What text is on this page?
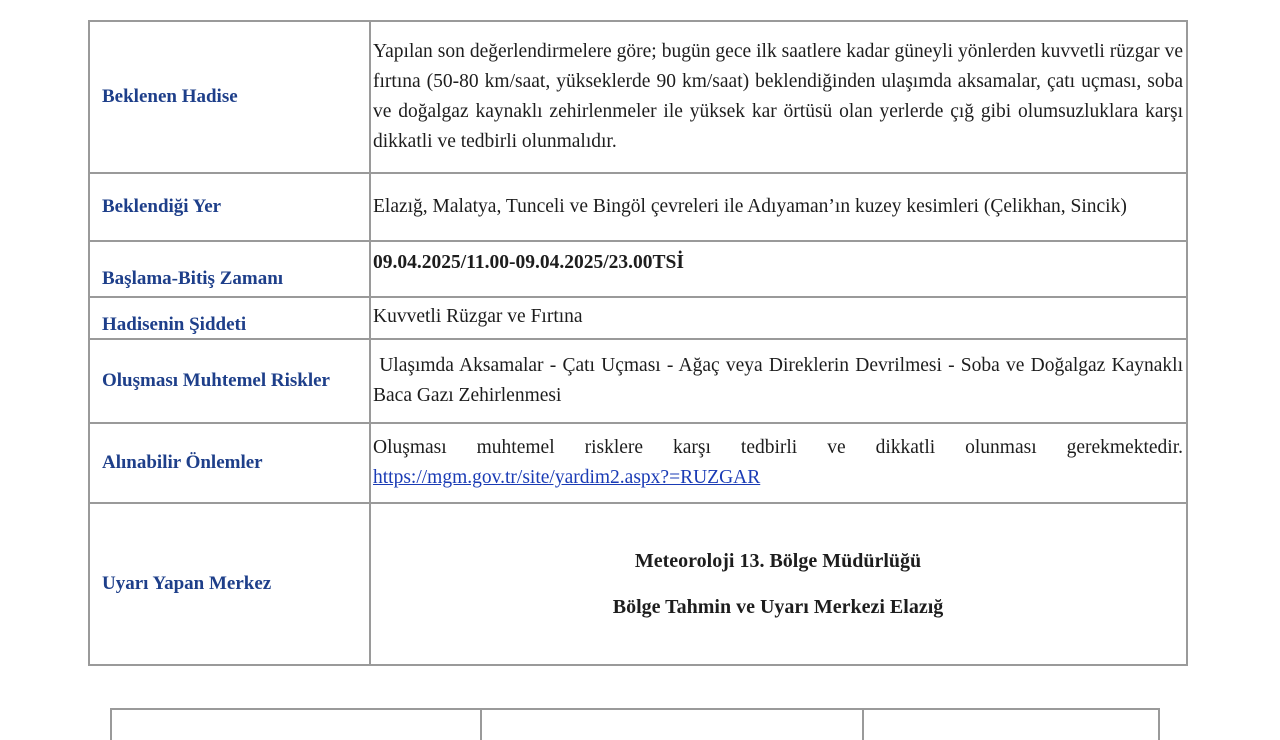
Beklenen Hadise	Yapılan son değerlendirmelere göre; bugün gece ilk saatlere kadar güneyli yönlerden kuvvetli rüzgar ve fırtına (50-80 km/saat, yükseklerde 90 km/saat) beklendiğinden ulaşımda aksamalar, çatı uçması, soba ve doğalgaz kaynaklı zehirlenmeler ile yüksek kar örtüsü olan yerlerde çığ gibi olumsuzluklara karşı dikkatli ve tedbirli olunmalıdır.
Beklendiği Yer	Elazığ, Malatya, Tunceli ve Bingöl çevreleri ile Adıyaman’ın kuzey kesimleri (Çelikhan, Sincik)
Başlama-Bitiş Zamanı	09.04.2025/11.00-09.04.2025/23.00TSİ
Hadisenin Şiddeti	Kuvvetli Rüzgar ve Fırtına
Oluşması Muhtemel Riskler	Ulaşımda Aksamalar - Çatı Uçması - Ağaç veya Direklerin Devrilmesi - Soba ve Doğalgaz Kaynaklı Baca Gazı Zehirlenmesi
Alınabilir Önlemler	Oluşması muhtemel risklere karşı tedbirli ve dikkatli olunması gerekmektedir. https://mgm.gov.tr/site/yardim2.aspx?=RUZGAR
Uyarı Yapan Merkez	Meteoroloji 13. Bölge Müdürlüğü
Bölge Tahmin ve Uyarı Merkezi Elazığ
